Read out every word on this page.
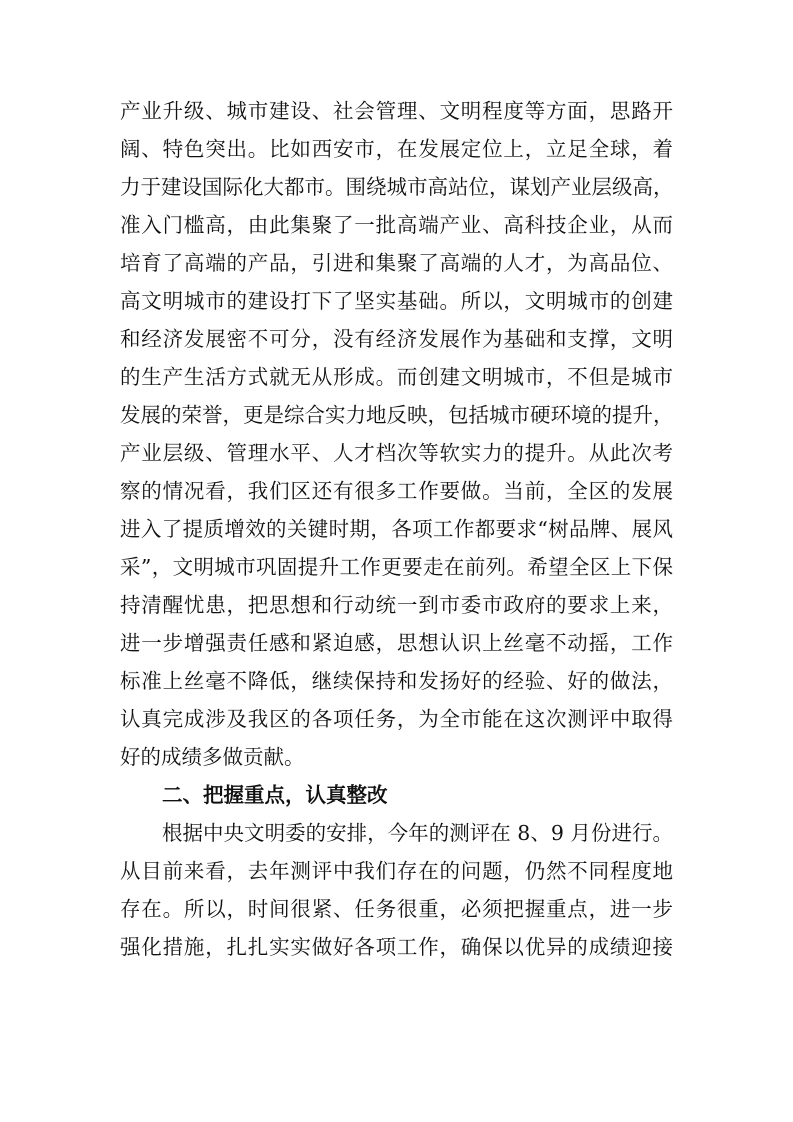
产业升级、城市建设、社会管理、文明程度等方面，思路开
阔、特色突出。比如西安市，在发展定位上，立足全球，着
力于建设国际化大都市。围绕城市高站位，谋划产业层级高，
准入门槛高，由此集聚了一批高端产业、高科技企业，从而
培育了高端的产品，引进和集聚了高端的人才，为高品位、
高文明城市的建设打下了坚实基础。所以，文明城市的创建
和经济发展密不可分，没有经济发展作为基础和支撑，文明
的生产生活方式就无从形成。而创建文明城市，不但是城市
发展的荣誉，更是综合实力地反映，包括城市硬环境的提升，
产业层级、管理水平、人才档次等软实力的提升。从此次考
察的情况看，我们区还有很多工作要做。当前，全区的发展
进入了提质增效的关键时期，各项工作都要求“树品牌、展风
采”，文明城市巩固提升工作更要走在前列。希望全区上下保
持清醒忧患，把思想和行动统一到市委市政府的要求上来，
进一步增强责任感和紧迫感，思想认识上丝毫不动摇，工作
标准上丝毫不降低，继续保持和发扬好的经验、好的做法，
认真完成涉及我区的各项任务，为全市能在这次测评中取得
好的成绩多做贡献。
二、把握重点，认真整改
根据中央文明委的安排，今年的测评在 8、9 月份进行。
从目前来看，去年测评中我们存在的问题，仍然不同程度地
存在。所以，时间很紧、任务很重，必须把握重点，进一步
强化措施，扎扎实实做好各项工作，确保以优异的成绩迎接
